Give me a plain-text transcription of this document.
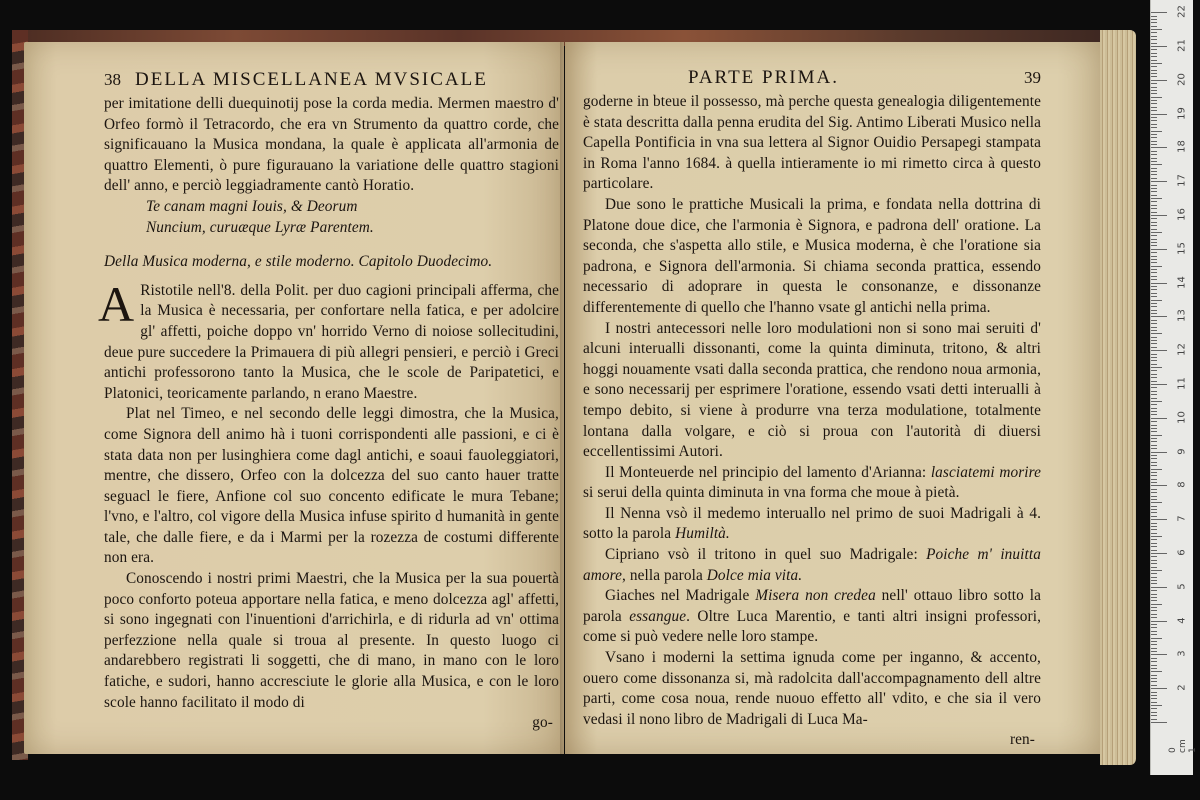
38 DELLA MISCELLANEA MVSICALE

per imitatione delli duequinotij pose la corda media. Mermen maestro d' Orfeo formò il Tetracordo, che era vn Strumento da quattro corde, che significauano la Musica mondana, la quale è applicata all'armonia de quattro Elementi, ò pure figurauano la variatione delle quattro stagioni dell' anno, e perciò leggiadramente cantò Horatio.

Te canam magni Iouis, & Deorum

Nuncium, curuæque Lyræ Parentem.

Della Musica moderna, e stile moderno. Capitolo Duodecimo.

A Ristotile nell'8. della Polit. per duo cagioni principali afferma, che la Musica è necessaria, per confortare nella fatica, e per adolcire gl' affetti, poiche doppo vn' horrido Verno di noiose sollecitudini, deue pure succedere la Primauera di più allegri pensieri, e perciò i Greci antichi professorono tanto la Musica, che le scole de Paripatetici, e Platonici, teoricamente parlando, n erano Maestre.

Plat nel Timeo, e nel secondo delle leggi dimostra, che la Musica, come Signora dell animo hà i tuoni corrispondenti alle passioni, e ci è stata data non per lusinghiera come dagl antichi, e soaui fauoleggiatori, mentre, che dissero, Orfeo con la dolcezza del suo canto hauer tratte seguacl le fiere, Anfione col suo concento edificate le mura Tebane; l'vno, e l'altro, col vigore della Musica infuse spirito d humanità in gente tale, che dalle fiere, e da i Marmi per la rozezza de costumi differente non era.

Conoscendo i nostri primi Maestri, che la Musica per la sua pouertà poco conforto poteua apportare nella fatica, e meno dolcezza agl' affetti, si sono ingegnati con l'inuentioni d'arrichirla, e di ridurla ad vn' ottima perfezzione nella quale si troua al presente. In questo luogo ci andarebbero registrati li soggetti, che di mano, in mano con le loro fatiche, e sudori, hanno accresciute le glorie alla Musica, e con le loro scole hanno facilitato il modo di

go-

PARTE PRIMA.	39

goderne in bteue il possesso, mà perche questa genealogia diligentemente è stata descritta dalla penna erudita del Sig. Antimo Liberati Musico nella Capella Pontificia in vna sua lettera al Signor Ouidio Persapegi stampata in Roma l'anno 1684. à quella intieramente io mi rimetto circa à questo particolare.

Due sono le prattiche Musicali la prima, e fondata nella dottrina di Platone doue dice, che l'armonia è Signora, e padrona dell' oratione. La seconda, che s'aspetta allo stile, e Musica moderna, è che l'oratione sia padrona, e Signora dell'armonia. Si chiama seconda prattica, essendo necessario di adoprare in questa le consonanze, e dissonanze differentemente di quello che l'hanno vsate gl antichi nella prima.

I nostri antecessori nelle loro modulationi non si sono mai seruiti d' alcuni interualli dissonanti, come la quinta diminuta, tritono, & altri hoggi nouamente vsati dalla seconda prattica, che rendono noua armonia, e sono necessarij per esprimere l'oratione, essendo vsati detti interualli à tempo debito, si viene à produrre vna terza modulatione, totalmente lontana dalla volgare, e ciò si proua con l'autorità di diuersi eccellentissimi Autori.

Il Monteuerde nel principio del lamento d'Arianna: lasciatemi morire si serui della quinta diminuta in vna forma che moue à pietà.

Il Nenna vsò il medemo interuallo nel primo de suoi Madrigali à 4. sotto la parola Humiltà.

Cipriano vsò il tritono in quel suo Madrigale: Poiche m' inuitta amore, nella parola Dolce mia vita.

Giaches nel Madrigale Misera non credea nell' ottauo libro sotto la parola essangue. Oltre Luca Marentio, e tanti altri insigni professori, come si può vedere nelle loro stampe.

Vsano i moderni la settima ignuda come per inganno, & accento, ouero come dissonanza si, mà radolcita dall'accompagnamento dell altre parti, come cosa noua, rende nuouo effetto all' vdito, e che sia il vero vedasi il nono libro de Madrigali di Luca Ma-

ren-

0 cm 1
2
3
4
5
6
7
8
9
10
11
12
13
14
15
16
17
18
19
20
21
22
